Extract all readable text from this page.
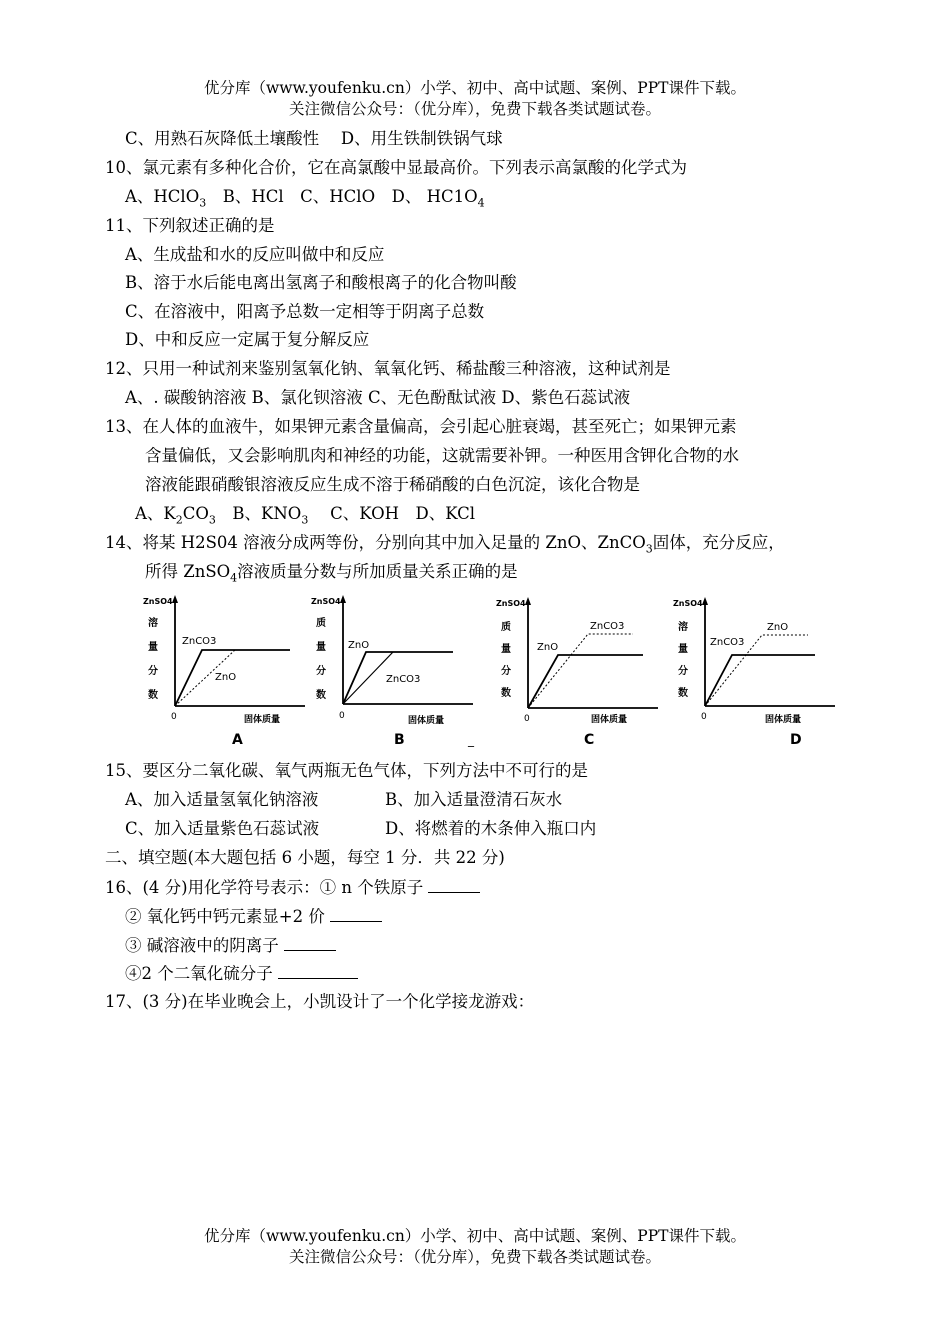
优分库（www.youfenku.cn）小学、初中、高中试题、案例、PPT课件下载。
关注微信公众号：（优分库），免费下载各类试题试卷。
C、用熟石灰降低土壤酸性　 D、用生铁制铁锅气球
10、氯元素有多种化合价，它在高氯酸中显最高价。下列表示高氯酸的化学式为
A、HClO$_3$　B、HCl　C、HClO　D、 $HC1O_4$
11、下列叙述正确的是
A、生成盐和水的反应叫做中和反应
B、溶于水后能电离出氢离子和酸根离子的化合物叫酸
C、在溶液中，阳离予总数一定相等于阴离子总数
D、中和反应一定属于复分解反应
12、只用一种试剂来鉴别氢氧化钠、氧氧化钙、稀盐酸三种溶液，这种试剂是
A、. 碳酸钠溶液 B、氯化钡溶液 C、无色酚酞试液 D、紫色石蕊试液
13、在人体的血液牛，如果钾元素含量偏高，会引起心脏衰竭，甚至死亡；如果钾元素
含量偏低，又会影响肌肉和神经的功能，这就需要补钾。一种医用含钾化合物的水
溶液能跟硝酸银溶液反应生成不溶于稀硝酸的白色沉淀，该化合物是
A、$K_2CO_3$　B、$KNO_3$　 C、KOH　D、KCl
14、将某 H2S04 溶液分成两等份，分别向其中加入足量的 ZnO、ZnCO$_3$固体，充分反应，
所得 ZnSO$_4$溶液质量分数与所加质量关系正确的是
ZnSO4
溶
量
分
数
0	固体质量
ZnCO3
ZnO
A
ZnSO4
质
量
分
数
0	固体质量
ZnO
ZnCO3
B
ZnSO4
质
量
分
数
0	固体质量
ZnO
ZnCO3
_	C
ZnSO4
溶
量
分
数
0	固体质量
ZnCO3
ZnO
D
15、要区分二氧化碳、氧气两瓶无色气体，下列方法中不可行的是
A、加入适量氢氧化钠溶液	B、加入适量澄清石灰水
C、加入适量紫色石蕊试液	D、将燃着的木条伸入瓶口内
二、填空题(本大题包括 6 小题，每空 1 分．共 22 分)
16、(4 分)用化学符号表示：① n 个铁原子
② 氧化钙中钙元素显+2 价
③ 碱溶液中的阴离子
④2 个二氧化硫分子
17、(3 分)在毕业晚会上，小凯设计了一个化学接龙游戏：
优分库（www.youfenku.cn）小学、初中、高中试题、案例、PPT课件下载。
关注微信公众号：（优分库），免费下载各类试题试卷。
